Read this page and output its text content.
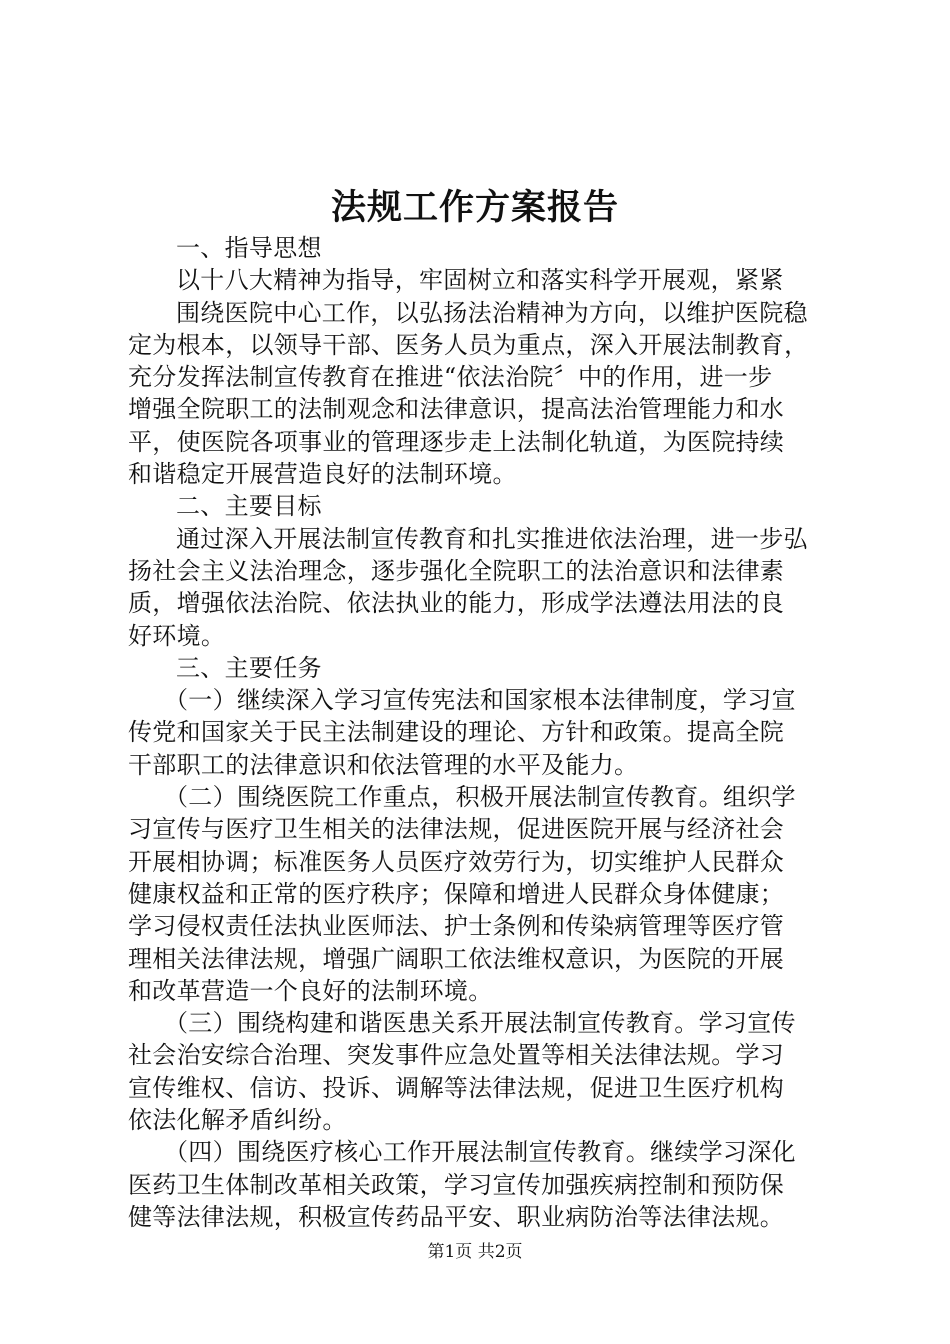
法规工作方案报告
一、指导思想
以十八大精神为指导，牢固树立和落实科学开展观，紧紧
围绕医院中心工作，以弘扬法治精神为方向，以维护医院稳
定为根本，以领导干部、医务人员为重点，深入开展法制教育，
充分发挥法制宣传教育在推进“依法治院〞中的作用，进一步
增强全院职工的法制观念和法律意识，提高法治管理能力和水
平，使医院各项事业的管理逐步走上法制化轨道，为医院持续
和谐稳定开展营造良好的法制环境。
二、主要目标
通过深入开展法制宣传教育和扎实推进依法治理，进一步弘
扬社会主义法治理念，逐步强化全院职工的法治意识和法律素
质，增强依法治院、依法执业的能力，形成学法遵法用法的良
好环境。
三、主要任务
（一）继续深入学习宣传宪法和国家根本法律制度，学习宣
传党和国家关于民主法制建设的理论、方针和政策。提高全院
干部职工的法律意识和依法管理的水平及能力。
（二）围绕医院工作重点，积极开展法制宣传教育。组织学
习宣传与医疗卫生相关的法律法规，促进医院开展与经济社会
开展相协调；标准医务人员医疗效劳行为，切实维护人民群众
健康权益和正常的医疗秩序；保障和增进人民群众身体健康；
学习侵权责任法执业医师法、护士条例和传染病管理等医疗管
理相关法律法规，增强广阔职工依法维权意识，为医院的开展
和改革营造一个良好的法制环境。
（三）围绕构建和谐医患关系开展法制宣传教育。学习宣传
社会治安综合治理、突发事件应急处置等相关法律法规。学习
宣传维权、信访、投诉、调解等法律法规，促进卫生医疗机构
依法化解矛盾纠纷。
（四）围绕医疗核心工作开展法制宣传教育。继续学习深化
医药卫生体制改革相关政策，学习宣传加强疾病控制和预防保
健等法律法规，积极宣传药品平安、职业病防治等法律法规。
第1页 共2页
